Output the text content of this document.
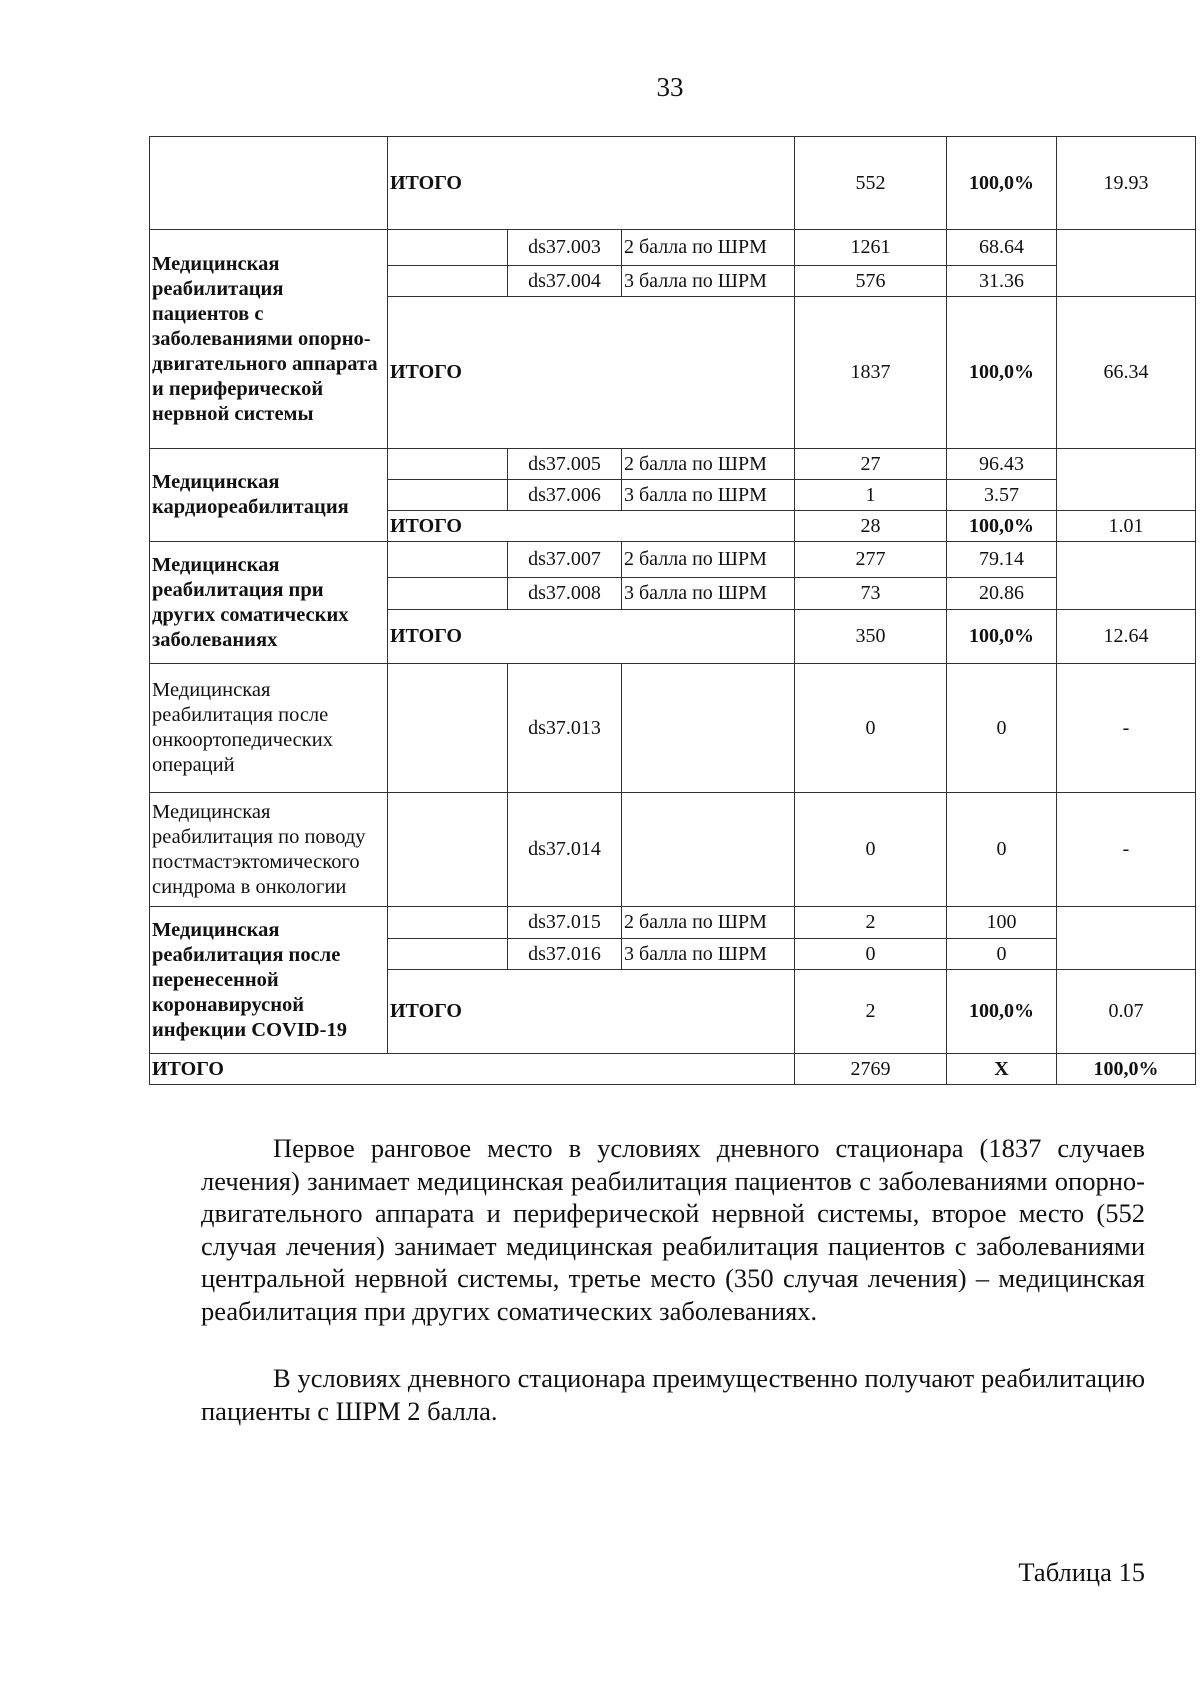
33
	ИТОГО			552	100,0%	19.93
Медицинская реабилитация пациентов с заболеваниями опорно-двигательного аппарата и периферической нервной системы		ds37.003	2 балла по ШРМ	1261	68.64	
		ds37.004	3 балла по ШРМ	576	31.36	
	ИТОГО			1837	100,0%	66.34
Медицинская кардиореабилитация		ds37.005	2 балла по ШРМ	27	96.43	
		ds37.006	3 балла по ШРМ	1	3.57	
	ИТОГО			28	100,0%	1.01
Медицинская реабилитация при других соматических заболеваниях		ds37.007	2 балла по ШРМ	277	79.14	
		ds37.008	3 балла по ШРМ	73	20.86	
	ИТОГО			350	100,0%	12.64
Медицинская реабилитация после онкоортопедических операций		ds37.013		0	0	-
Медицинская реабилитация по поводу постмастэктомического синдрома в онкологии		ds37.014		0	0	-
Медицинская реабилитация после перенесенной коронавирусной инфекции COVID-19		ds37.015	2 балла по ШРМ	2	100	
		ds37.016	3 балла по ШРМ	0	0	
	ИТОГО			2	100,0%	0.07
ИТОГО				2769	X	100,0%

Первое ранговое место в условиях дневного стационара (1837 случаев лечения) занимает медицинская реабилитация пациентов с заболеваниями опорно-двигательного аппарата и периферической нервной системы, второе место (552 случая лечения) занимает медицинская реабилитация пациентов с заболеваниями центральной нервной системы, третье место (350 случая лечения) – медицинская реабилитация при других соматических заболеваниях.

В условиях дневного стационара преимущественно получают реабилитацию пациенты с ШРМ 2 балла.

Таблица 15
